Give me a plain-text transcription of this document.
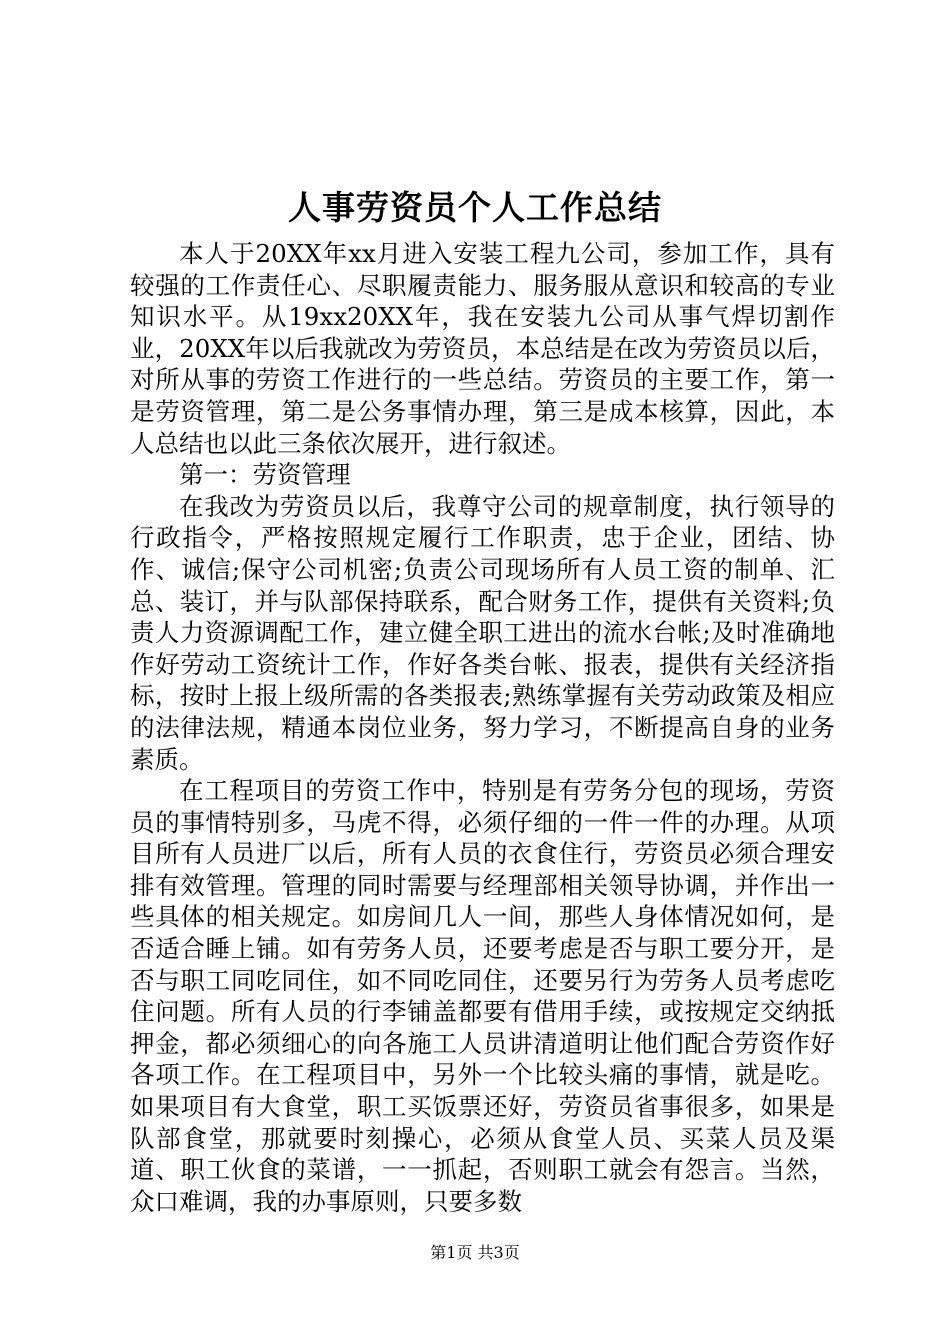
人事劳资员个人工作总结

本人于20XX年xx月进入安装工程九公司，参加工作，具有较强的工作责任心、尽职履责能力、服务服从意识和较高的专业知识水平。从19xx20XX年，我在安装九公司从事气焊切割作业，20XX年以后我就改为劳资员，本总结是在改为劳资员以后，对所从事的劳资工作进行的一些总结。劳资员的主要工作，第一是劳资管理，第二是公务事情办理，第三是成本核算，因此，本人总结也以此三条依次展开，进行叙述。

第一：劳资管理

在我改为劳资员以后，我尊守公司的规章制度，执行领导的行政指令，严格按照规定履行工作职责，忠于企业，团结、协作、诚信;保守公司机密;负责公司现场所有人员工资的制单、汇总、装订，并与队部保持联系，配合财务工作，提供有关资料;负责人力资源调配工作，建立健全职工进出的流水台帐;及时准确地作好劳动工资统计工作，作好各类台帐、报表，提供有关经济指标，按时上报上级所需的各类报表;熟练掌握有关劳动政策及相应的法律法规，精通本岗位业务，努力学习，不断提高自身的业务素质。

在工程项目的劳资工作中，特别是有劳务分包的现场，劳资员的事情特别多，马虎不得，必须仔细的一件一件的办理。从项目所有人员进厂以后，所有人员的衣食住行，劳资员必须合理安排有效管理。管理的同时需要与经理部相关领导协调，并作出一些具体的相关规定。如房间几人一间，那些人身体情况如何，是否适合睡上铺。如有劳务人员，还要考虑是否与职工要分开，是否与职工同吃同住，如不同吃同住，还要另行为劳务人员考虑吃住问题。所有人员的行李铺盖都要有借用手续，或按规定交纳抵押金，都必须细心的向各施工人员讲清道明让他们配合劳资作好各项工作。在工程项目中，另外一个比较头痛的事情，就是吃。如果项目有大食堂，职工买饭票还好，劳资员省事很多，如果是队部食堂，那就要时刻操心，必须从食堂人员、买菜人员及渠道、职工伙食的菜谱，一一抓起，否则职工就会有怨言。当然，众口难调，我的办事原则，只要多数

第1页 共3页
